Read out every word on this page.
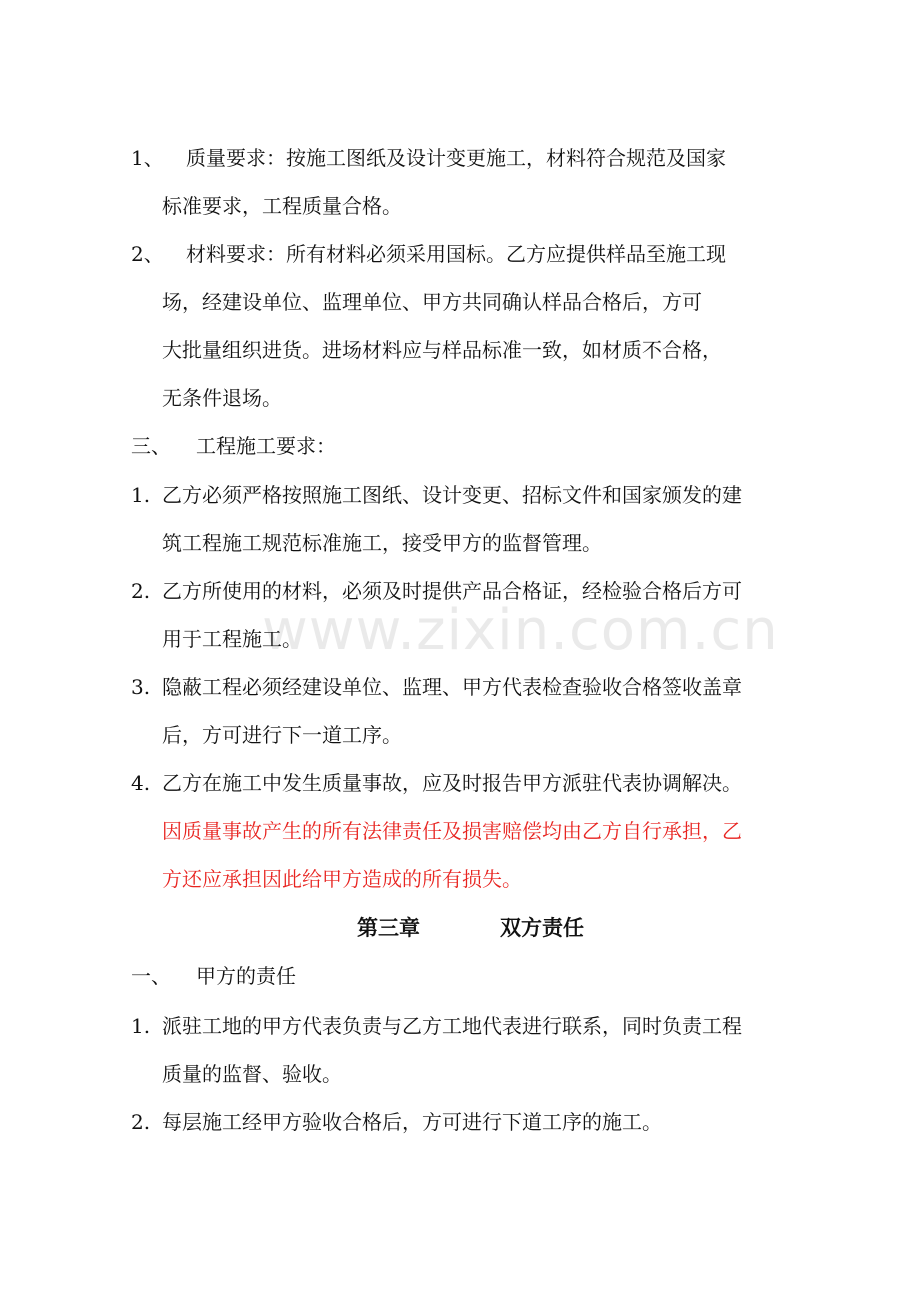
www.zixin.com.cn
1、 质量要求：按施工图纸及设计变更施工，材料符合规范及国家
标准要求，工程质量合格。
2、 材料要求：所有材料必须采用国标。乙方应提供样品至施工现
场，经建设单位、监理单位、甲方共同确认样品合格后，方可
大批量组织进货。进场材料应与样品标准一致，如材质不合格，
无条件退场。
三、 工程施工要求：
1. 乙方必须严格按照施工图纸、设计变更、招标文件和国家颁发的建
筑工程施工规范标准施工，接受甲方的监督管理。
2. 乙方所使用的材料，必须及时提供产品合格证，经检验合格后方可
用于工程施工。
3. 隐蔽工程必须经建设单位、监理、甲方代表检查验收合格签收盖章
后，方可进行下一道工序。
4. 乙方在施工中发生质量事故，应及时报告甲方派驻代表协调解决。
因质量事故产生的所有法律责任及损害赔偿均由乙方自行承担，乙
方还应承担因此给甲方造成的所有损失。
第三章	双方责任
一、 甲方的责任
1. 派驻工地的甲方代表负责与乙方工地代表进行联系，同时负责工程
质量的监督、验收。
2. 每层施工经甲方验收合格后，方可进行下道工序的施工。
